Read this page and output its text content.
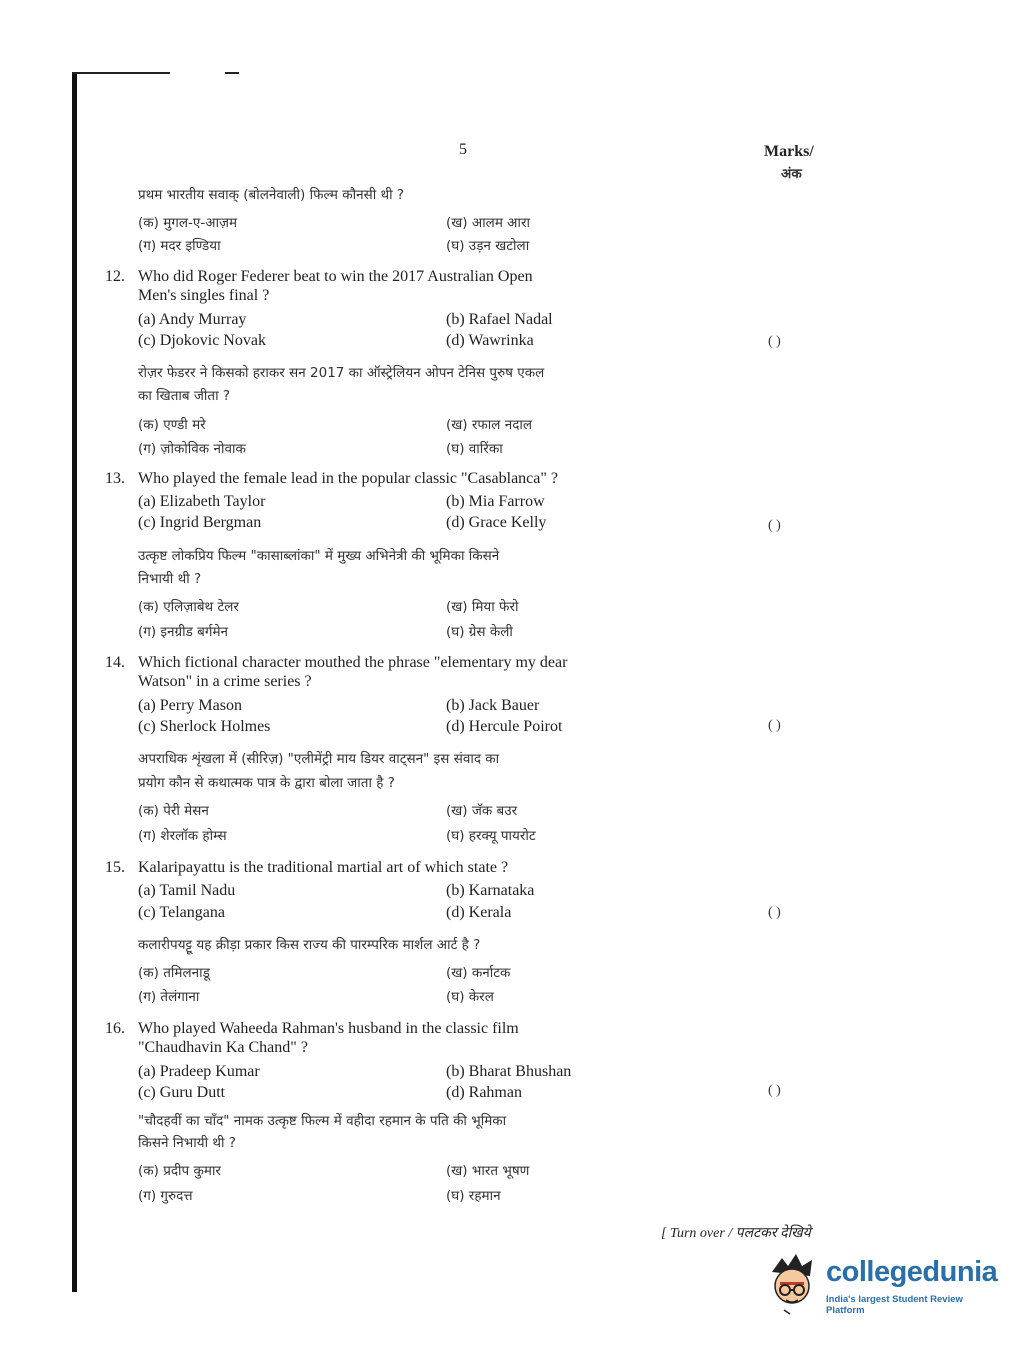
5	Marks/
अंक
प्रथम भारतीय सवाक् (बोलनेवाली) फिल्म कौनसी थी ?
(क) मुगल-ए-आज़म	(ख) आलम आरा
(ग) मदर इण्डिया	(घ) उड़न खटोला
12. Who did Roger Federer beat to win the 2017 Australian Open
Men's singles final ?
(a) Andy Murray	(b) Rafael Nadal
(c) Djokovic Novak	(d) Wawrinka	( )
रोज़र फेडरर ने किसको हराकर सन 2017 का ऑस्ट्रेलियन ओपन टेनिस पुरुष एकल
का खिताब जीता ?
(क) एण्डी मरे	(ख) रफाल नदाल
(ग) ज़ोकोविक नोवाक	(घ) वारिंका
13. Who played the female lead in the popular classic "Casablanca" ?
(a) Elizabeth Taylor	(b) Mia Farrow
(c) Ingrid Bergman	(d) Grace Kelly	( )
उत्कृष्ट लोकप्रिय फिल्म "कासाब्लांका" में मुख्य अभिनेत्री की भूमिका किसने
निभायी थी ?
(क) एलिज़ाबेथ टेलर	(ख) मिया फेरो
(ग) इनग्रीड बर्गमेन	(घ) ग्रेस केली
14. Which fictional character mouthed the phrase "elementary my dear
Watson" in a crime series ?
(a) Perry Mason	(b) Jack Bauer
(c) Sherlock Holmes	(d) Hercule Poirot	( )
अपराधिक शृंखला में (सीरिज़) "एलीमेंट्री माय डियर वाट्सन" इस संवाद का
प्रयोग कौन से कथात्मक पात्र के द्वारा बोला जाता है ?
(क) पेरी मेसन	(ख) जॅक बउर
(ग) शेरलॉक होम्स	(घ) हरक्यू पायरोट
15. Kalaripayattu is the traditional martial art of which state ?
(a) Tamil Nadu	(b) Karnataka
(c) Telangana	(d) Kerala	( )
कलारीपयट्टू यह क्रीड़ा प्रकार किस राज्य की पारम्परिक मार्शल आर्ट है ?
(क) तमिलनाडू	(ख) कर्नाटक
(ग) तेलंगाना	(घ) केरल
16. Who played Waheeda Rahman's husband in the classic film
"Chaudhavin Ka Chand" ?
(a) Pradeep Kumar	(b) Bharat Bhushan
(c) Guru Dutt	(d) Rahman	( )
"चौदहवीं का चाँद" नामक उत्कृष्ट फिल्म में वहीदा रहमान के पति की भूमिका
किसने निभायी थी ?
(क) प्रदीप कुमार	(ख) भारत भूषण
(ग) गुरुदत्त	(घ) रहमान
[ Turn over / पलटकर देखिये
collegedunia
India's largest Student Review Platform
